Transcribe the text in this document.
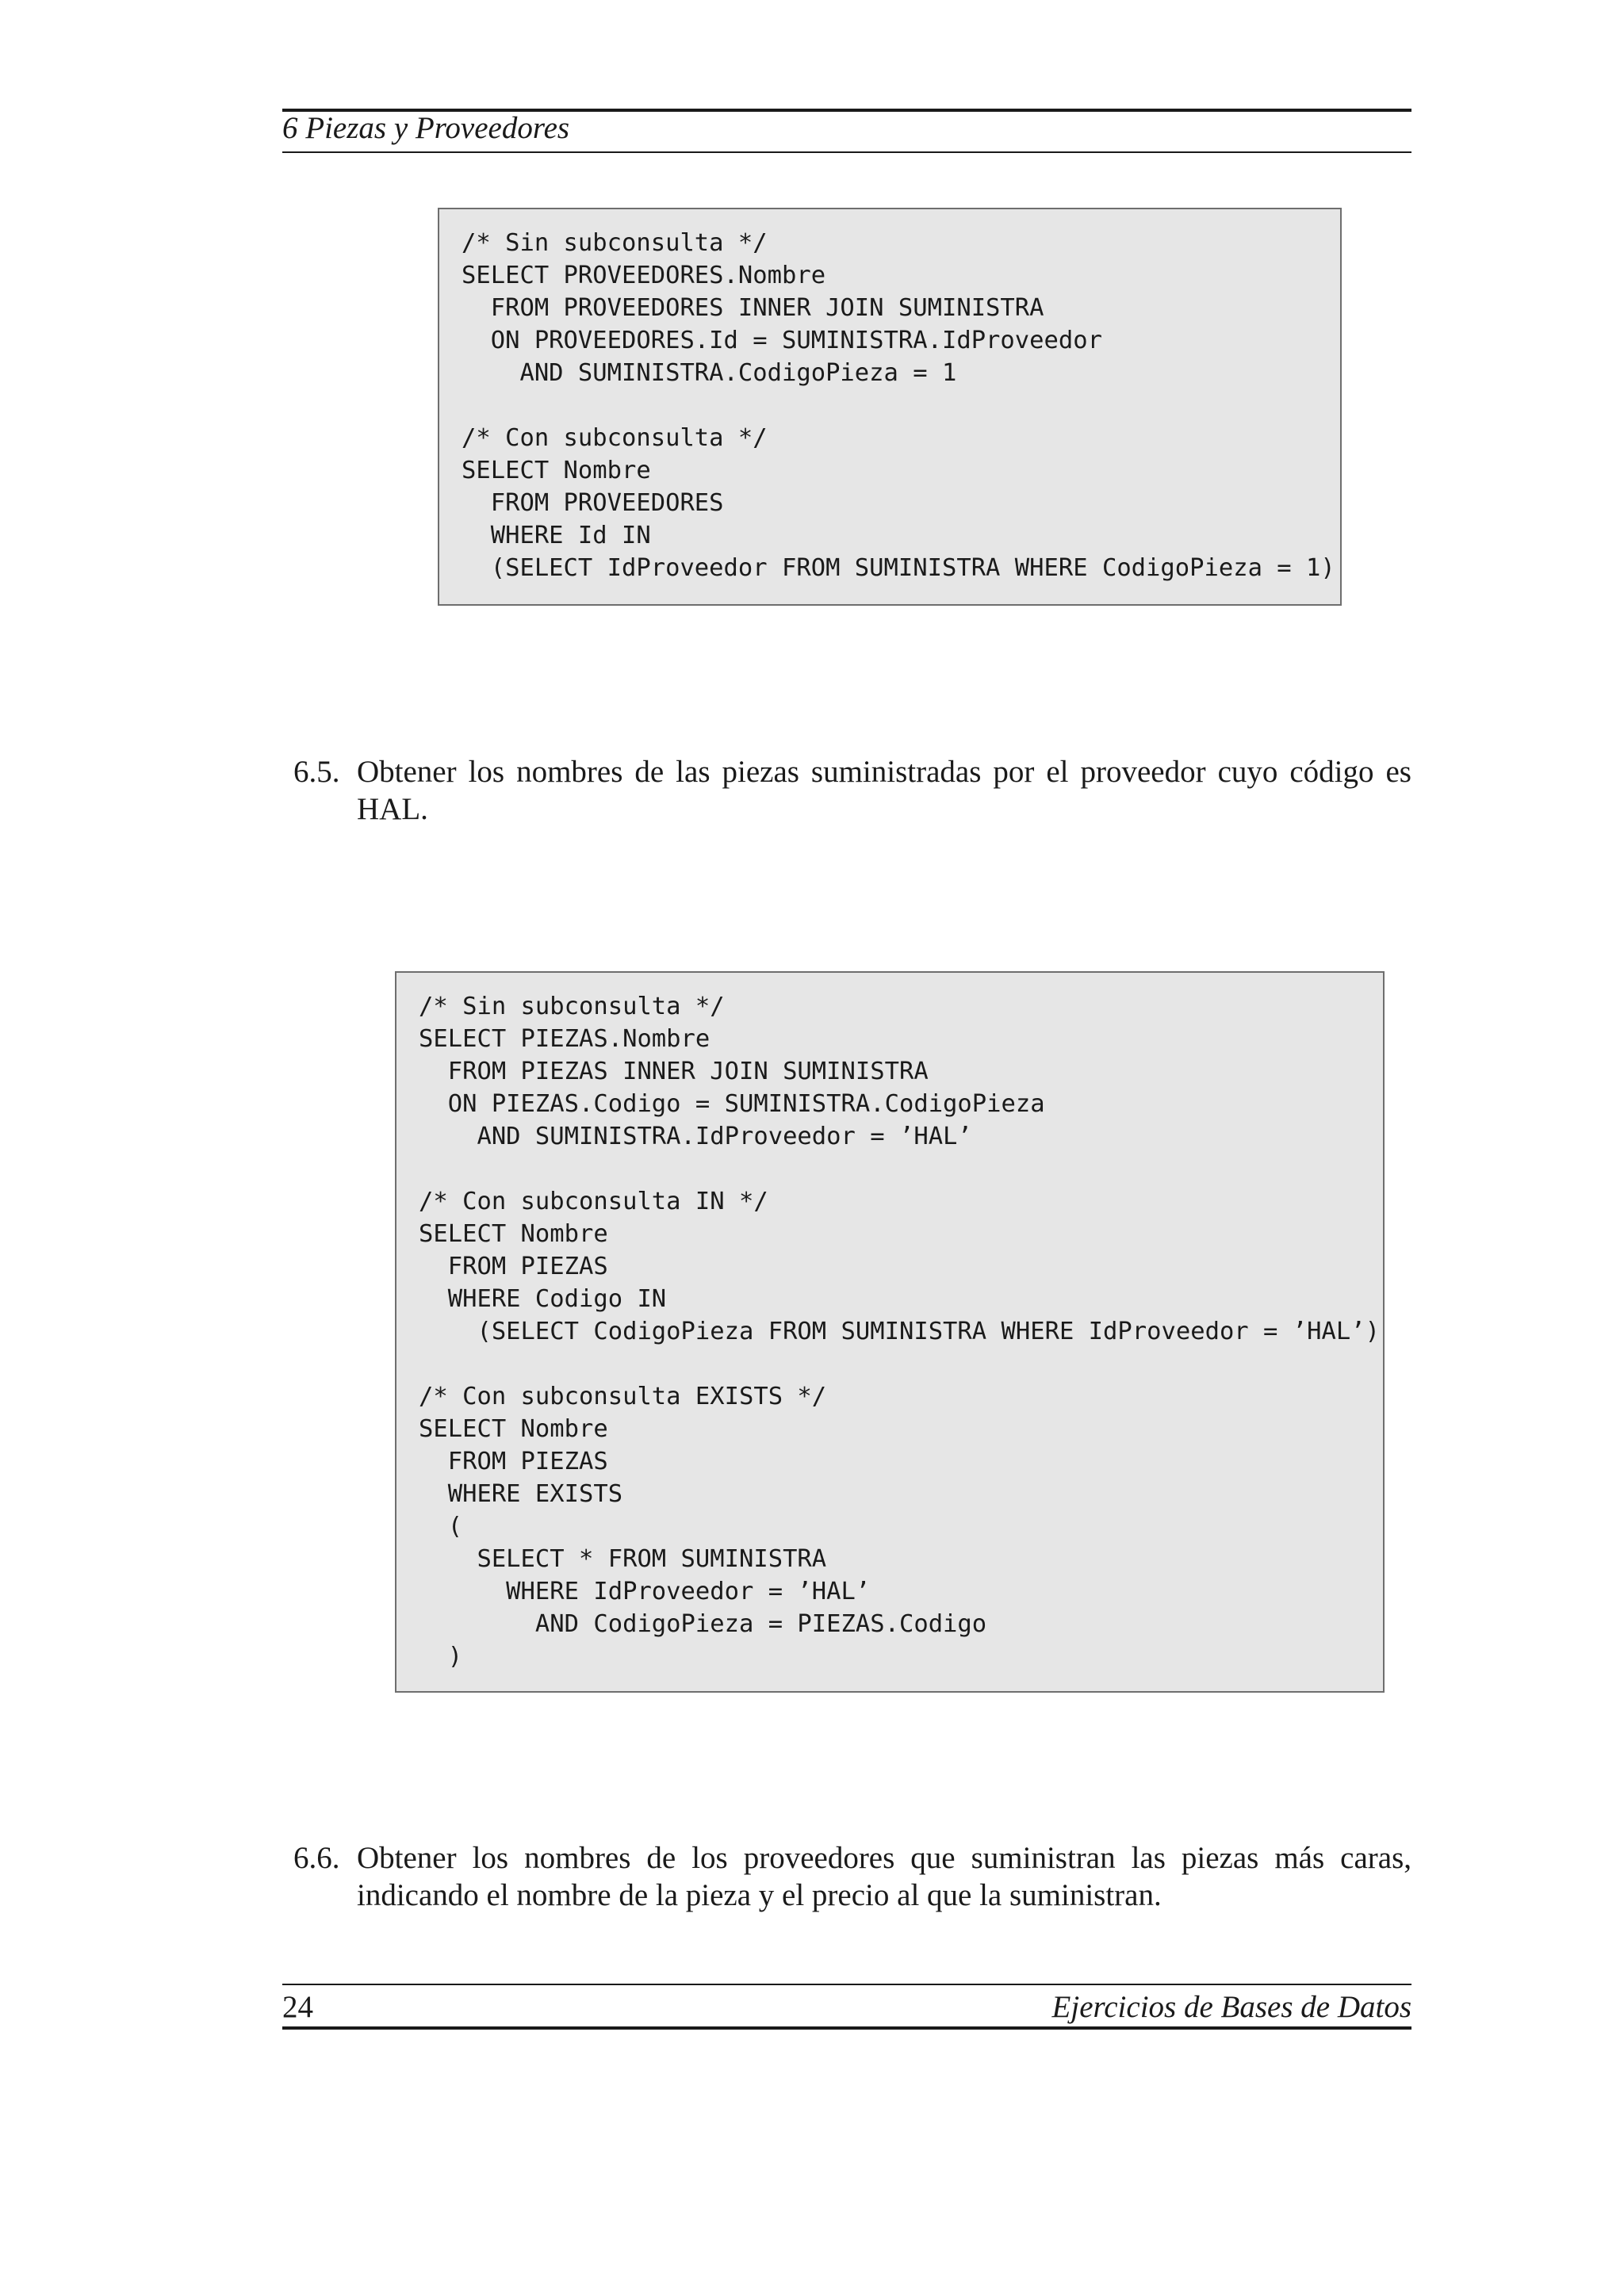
6 Piezas y Proveedores
/* Sin subconsulta */
SELECT PROVEEDORES.Nombre
FROM PROVEEDORES INNER JOIN SUMINISTRA
ON PROVEEDORES.Id = SUMINISTRA.IdProveedor
AND SUMINISTRA.CodigoPieza = 1
/* Con subconsulta */
SELECT Nombre
FROM PROVEEDORES
WHERE Id IN
(SELECT IdProveedor FROM SUMINISTRA WHERE CodigoPieza = 1)
6.5. Obtener los nombres de las piezas suministradas por el proveedor cuyo código es HAL.
/* Sin subconsulta */
SELECT PIEZAS.Nombre
FROM PIEZAS INNER JOIN SUMINISTRA
ON PIEZAS.Codigo = SUMINISTRA.CodigoPieza
AND SUMINISTRA.IdProveedor = ’HAL’
/* Con subconsulta IN */
SELECT Nombre
FROM PIEZAS
WHERE Codigo IN
(SELECT CodigoPieza FROM SUMINISTRA WHERE IdProveedor = ’HAL’)
/* Con subconsulta EXISTS */
SELECT Nombre
FROM PIEZAS
WHERE EXISTS
(
SELECT * FROM SUMINISTRA
WHERE IdProveedor = ’HAL’
AND CodigoPieza = PIEZAS.Codigo
)
6.6. Obtener los nombres de los proveedores que suministran las piezas más caras, indicando el nombre de la pieza y el precio al que la suministran.
24	Ejercicios de Bases de Datos
